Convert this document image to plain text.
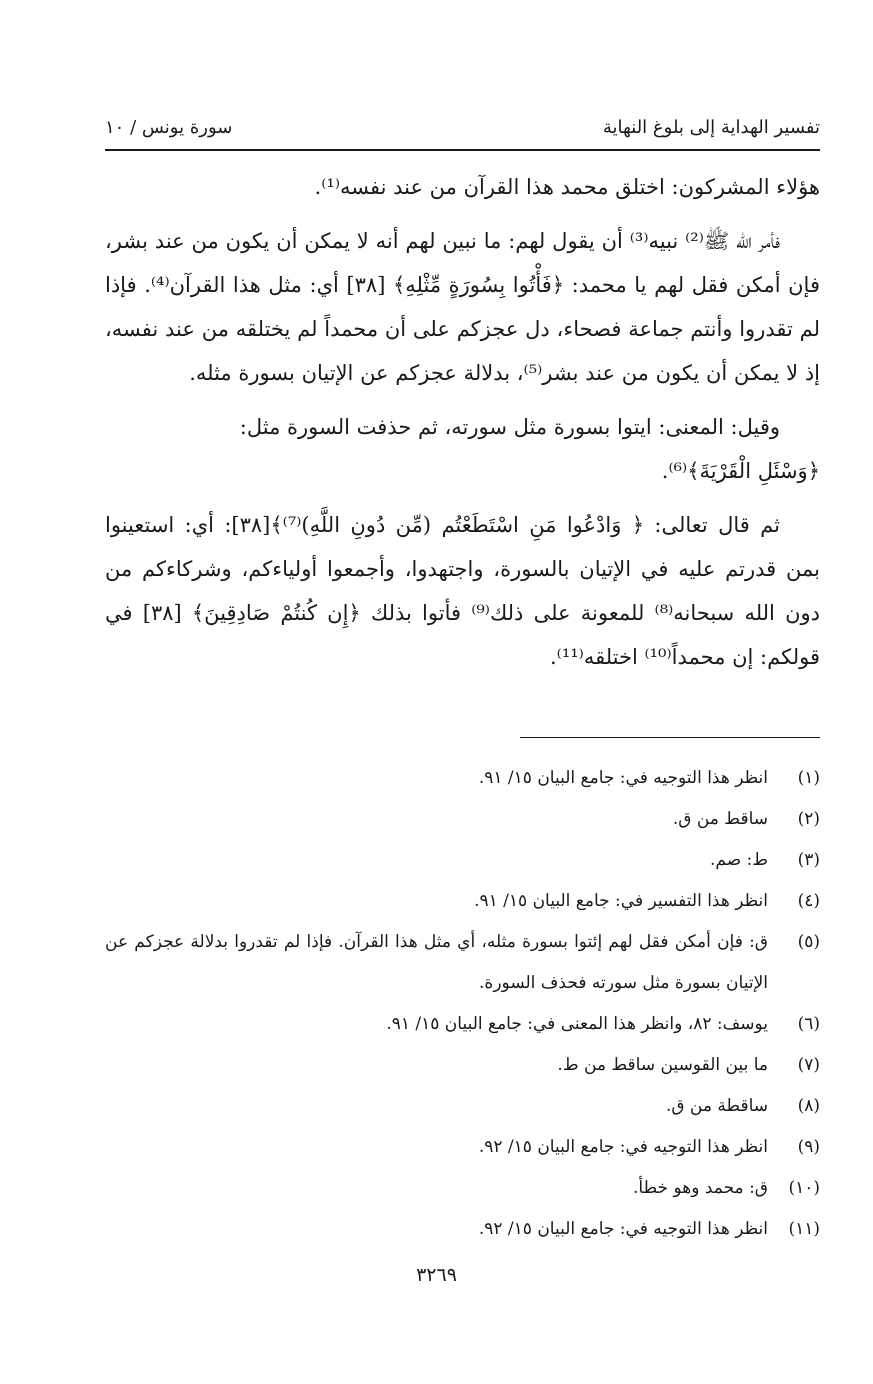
تفسير الهداية إلى بلوغ النهاية
سورة يونس / ١٠

هؤلاء المشركون: اختلق محمد هذا القرآن من عند نفسه⁽¹⁾.

فأمر الله ﷺ⁽²⁾ نبيه⁽³⁾ أن يقول لهم: ما نبين لهم أنه لا يمكن أن يكون من عند بشر، فإن أمكن فقل لهم يا محمد: ﴿فَأْتُوا بِسُورَةٍ مِّثْلِهِ﴾ [٣٨] أي: مثل هذا القرآن⁽⁴⁾. فإذا لم تقدروا وأنتم جماعة فصحاء، دل عجزكم على أن محمداً لم يختلقه من عند نفسه، إذ لا يمكن أن يكون من عند بشر⁽⁵⁾، بدلالة عجزكم عن الإتيان بسورة مثله.

وقيل: المعنى: ايتوا بسورة مثل سورته، ثم حذفت السورة مثل:

﴿وَسْئَلِ الْقَرْيَةَ﴾⁽⁶⁾.

ثم قال تعالى: ﴿ وَادْعُوا مَنِ اسْتَطَعْتُم (مِّن دُونِ اللَّهِ)⁽⁷⁾﴾[٣٨]: أي: استعينوا بمن قدرتم عليه في الإتيان بالسورة، واجتهدوا، وأجمعوا أولياءكم، وشركاءكم من دون الله سبحانه⁽⁸⁾ للمعونة على ذلك⁽⁹⁾ فأتوا بذلك ﴿إِن كُنتُمْ صَادِقِينَ﴾ [٣٨] في قولكم: إن محمداً⁽¹⁰⁾ اختلقه⁽¹¹⁾.

(١)
انظر هذا التوجيه في: جامع البيان ١٥/ ٩١.
(٢)
ساقط من ق.
(٣)
ط: صم.
(٤)
انظر هذا التفسير في: جامع البيان ١٥/ ٩١.
(٥)
ق: فإن أمكن فقل لهم إئتوا بسورة مثله، أي مثل هذا القرآن. فإذا لم تقدروا بدلالة عجزكم عن الإتيان بسورة مثل سورته فحذف السورة.
(٦)
يوسف: ٨٢، وانظر هذا المعنى في: جامع البيان ١٥/ ٩١.
(٧)
ما بين القوسين ساقط من ط.
(٨)
ساقطة من ق.
(٩)
انظر هذا التوجيه في: جامع البيان ١٥/ ٩٢.
(١٠)
ق: محمد وهو خطأ.
(١١)
انظر هذا التوجيه في: جامع البيان ١٥/ ٩٢.
٣٢٦٩
